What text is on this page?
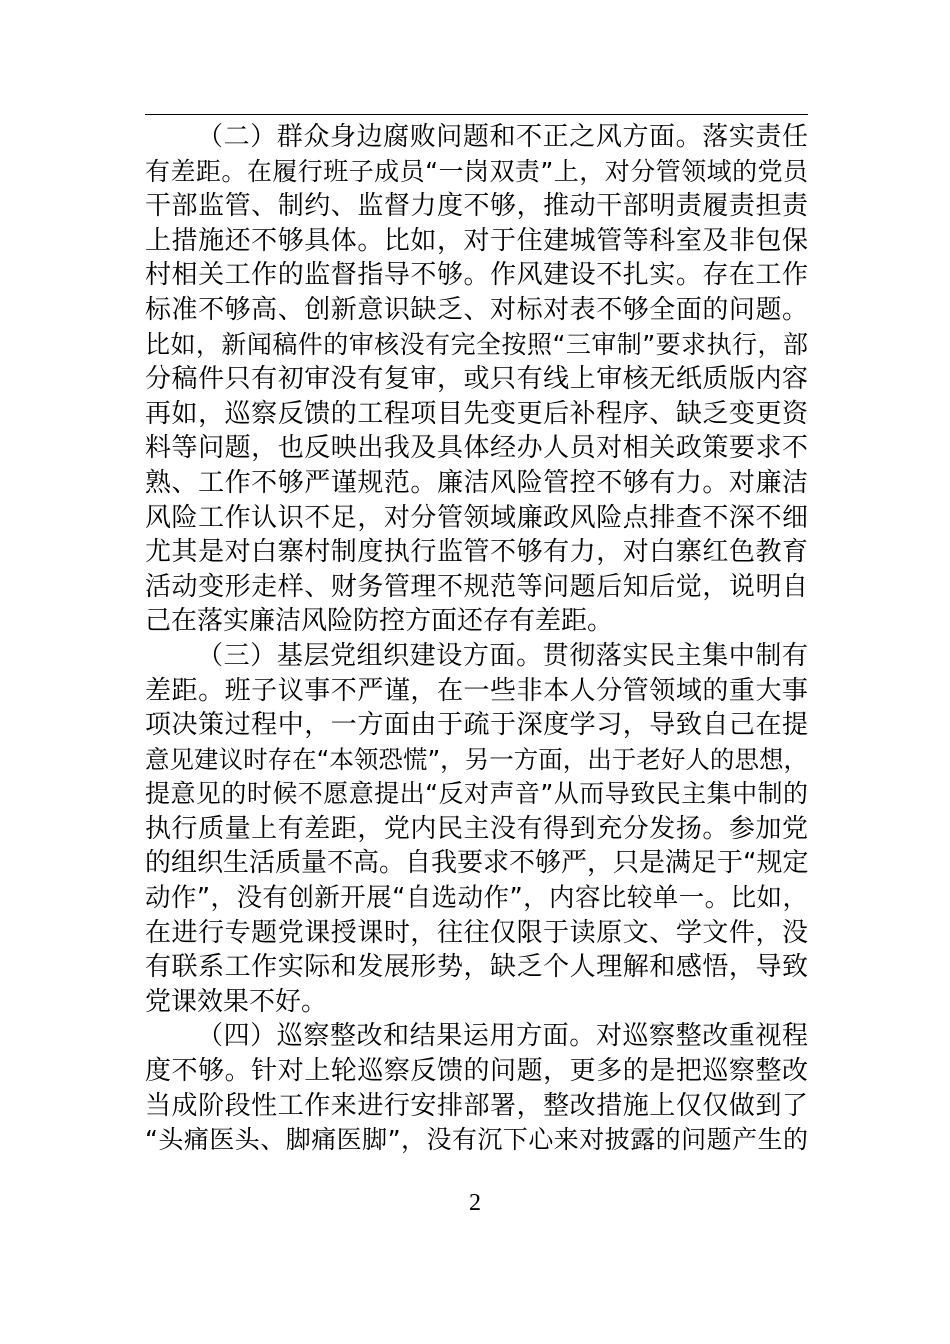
（二）群众身边腐败问题和不正之风方面。落实责任
有差距。在履行班子成员“一岗双责”上，对分管领域的党员
干部监管、制约、监督力度不够，推动干部明责履责担责
上措施还不够具体。比如，对于住建城管等科室及非包保
村相关工作的监督指导不够。作风建设不扎实。存在工作
标准不够高、创新意识缺乏、对标对表不够全面的问题。
比如，新闻稿件的审核没有完全按照“三审制”要求执行，部
分稿件只有初审没有复审，或只有线上审核无纸质版内容
再如，巡察反馈的工程项目先变更后补程序、缺乏变更资
料等问题，也反映出我及具体经办人员对相关政策要求不
熟、工作不够严谨规范。廉洁风险管控不够有力。对廉洁
风险工作认识不足，对分管领域廉政风险点排查不深不细
尤其是对白寨村制度执行监管不够有力，对白寨红色教育
活动变形走样、财务管理不规范等问题后知后觉，说明自
己在落实廉洁风险防控方面还存有差距。
（三）基层党组织建设方面。贯彻落实民主集中制有
差距。班子议事不严谨，在一些非本人分管领域的重大事
项决策过程中，一方面由于疏于深度学习，导致自己在提
意见建议时存在“本领恐慌”，另一方面，出于老好人的思想，
提意见的时候不愿意提出“反对声音”从而导致民主集中制的
执行质量上有差距，党内民主没有得到充分发扬。参加党
的组织生活质量不高。自我要求不够严，只是满足于“规定
动作”，没有创新开展“自选动作”，内容比较单一。比如，
在进行专题党课授课时，往往仅限于读原文、学文件，没
有联系工作实际和发展形势，缺乏个人理解和感悟，导致
党课效果不好。
（四）巡察整改和结果运用方面。对巡察整改重视程
度不够。针对上轮巡察反馈的问题，更多的是把巡察整改
当成阶段性工作来进行安排部署，整改措施上仅仅做到了
“头痛医头、脚痛医脚”，没有沉下心来对披露的问题产生的
2
